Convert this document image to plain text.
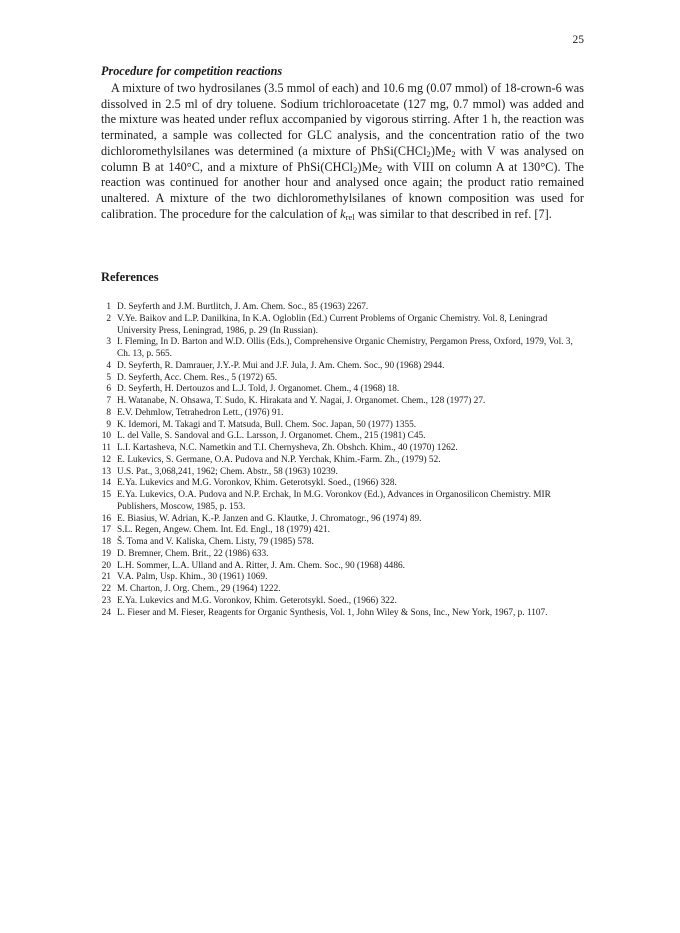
25
Procedure for competition reactions

A mixture of two hydrosilanes (3.5 mmol of each) and 10.6 mg (0.07 mmol) of 18-crown-6 was dissolved in 2.5 ml of dry toluene. Sodium trichloroacetate (127 mg, 0.7 mmol) was added and the mixture was heated under reflux accompanied by vigorous stirring. After 1 h, the reaction was terminated, a sample was collected for GLC analysis, and the concentration ratio of the two dichloromethylsilanes was determined (a mixture of $PhSi(CHCl_2)Me_2$ with V was analysed on column B at 140°C, and a mixture of $PhSi(CHCl_2)Me_2$ with VIII on column A at 130°C). The reaction was continued for another hour and analysed once again; the product ratio remained unaltered. A mixture of the two dichloromethylsilanes of known composition was used for calibration. The procedure for the calculation of $k_{rel}$ was similar to that described in ref. [7].

References
1 D. Seyferth and J.M. Burtlitch, J. Am. Chem. Soc., 85 (1963) 2267.
2 V.Ye. Baikov and L.P. Danilkina, In K.A. Ogloblin (Ed.) Current Problems of Organic Chemistry. Vol. 8, Leningrad University Press, Leningrad, 1986, p. 29 (In Russian).
3 I. Fleming, In D. Barton and W.D. Ollis (Eds.), Comprehensive Organic Chemistry, Pergamon Press, Oxford, 1979, Vol. 3, Ch. 13, p. 565.
4 D. Seyferth, R. Damrauer, J.Y.-P. Mui and J.F. Jula, J. Am. Chem. Soc., 90 (1968) 2944.
5 D. Seyferth, Acc. Chem. Res., 5 (1972) 65.
6 D. Seyferth, H. Dertouzos and L.J. Told, J. Organomet. Chem., 4 (1968) 18.
7 H. Watanabe, N. Ohsawa, T. Sudo, K. Hirakata and Y. Nagai, J. Organomet. Chem., 128 (1977) 27.
8 E.V. Dehmlow, Tetrahedron Lett., (1976) 91.
9 K. Idemori, M. Takagi and T. Matsuda, Bull. Chem. Soc. Japan, 50 (1977) 1355.
10 L. del Valle, S. Sandoval and G.L. Larsson, J. Organomet. Chem., 215 (1981) C45.
11 L.I. Kartasheva, N.C. Nametkin and T.I. Chernysheva, Zh. Obshch. Khim., 40 (1970) 1262.
12 E. Lukevics, S. Germane, O.A. Pudova and N.P. Yerchak, Khim.-Farm. Zh., (1979) 52.
13 U.S. Pat., 3,068,241, 1962; Chem. Abstr., 58 (1963) 10239.
14 E.Ya. Lukevics and M.G. Voronkov, Khim. Geterotsykl. Soed., (1966) 328.
15 E.Ya. Lukevics, O.A. Pudova and N.P. Erchak, In M.G. Voronkov (Ed.), Advances in Organosilicon Chemistry. MIR Publishers, Moscow, 1985, p. 153.
16 E. Biasius, W. Adrian, K.-P. Janzen and G. Klautke, J. Chromatogr., 96 (1974) 89.
17 S.L. Regen, Angew. Chem. Int. Ed. Engl., 18 (1979) 421.
18 Š. Toma and V. Kaliska, Chem. Listy, 79 (1985) 578.
19 D. Bremner, Chem. Brit., 22 (1986) 633.
20 L.H. Sommer, L.A. Ulland and A. Ritter, J. Am. Chem. Soc., 90 (1968) 4486.
21 V.A. Palm, Usp. Khim., 30 (1961) 1069.
22 M. Charton, J. Org. Chem., 29 (1964) 1222.
23 E.Ya. Lukevics and M.G. Voronkov, Khim. Geterotsykl. Soed., (1966) 322.
24 L. Fieser and M. Fieser, Reagents for Organic Synthesis, Vol. 1, John Wiley & Sons, Inc., New York, 1967, p. 1107.
